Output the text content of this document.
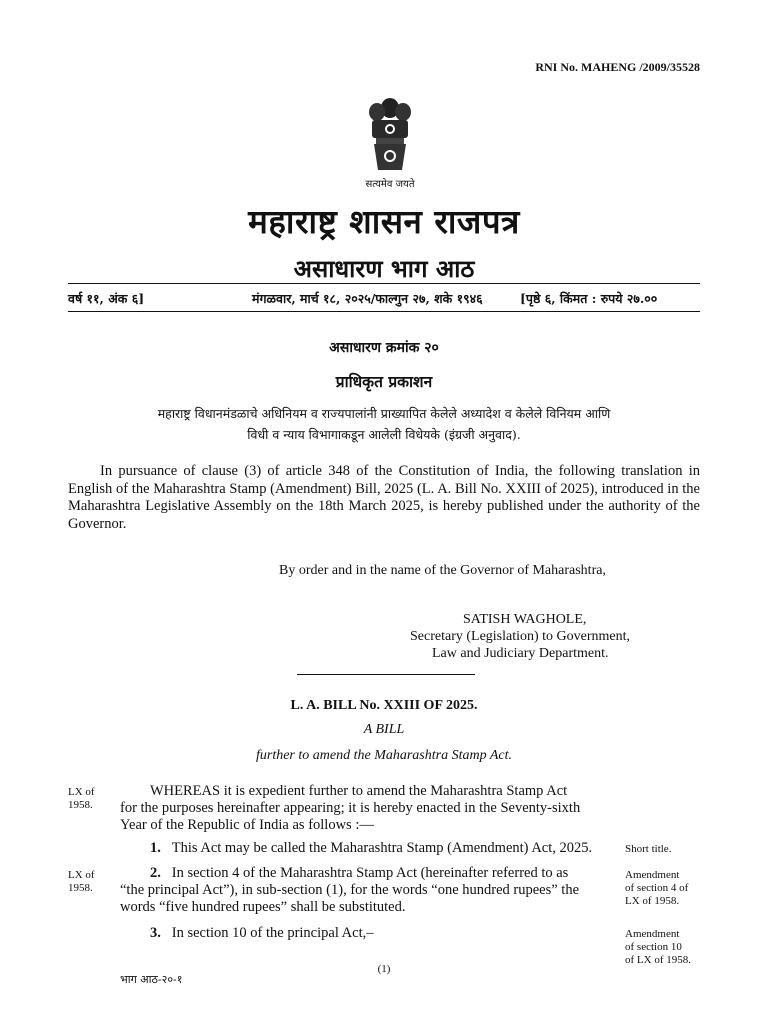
RNI No. MAHENG /2009/35528
सत्यमेव जयते
महाराष्ट्र शासन राजपत्र
असाधारण भाग आठ
वर्ष ११, अंक ६]	मंगळवार, मार्च १८, २०२५/फाल्गुन २७, शके १९४६	[पृष्ठे ६, किंमत : रुपये २७.००
असाधारण क्रमांक २०
प्राधिकृत प्रकाशन
महाराष्ट्र विधानमंडळाचे अधिनियम व राज्यपालांनी प्राख्यापित केलेले अध्यादेश व केलेले विनियम आणि
विधी व न्याय विभागाकडून आलेली विधेयके (इंग्रजी अनुवाद).
In pursuance of clause (3) of article 348 of the Constitution of India, the following translation in English of the Maharashtra Stamp (Amendment) Bill, 2025 (L. A. Bill No. XXIII of 2025), introduced in the Maharashtra Legislative Assembly on the 18th March 2025, is hereby published under the authority of the Governor.
By order and in the name of the Governor of Maharashtra,
SATISH WAGHOLE,
Secretary (Legislation) to Government,
Law and Judiciary Department.
L. A. BILL No. XXIII OF 2025.
A BILL
further to amend the Maharashtra Stamp Act.
LX of
1958.
WHEREAS it is expedient further to amend the Maharashtra Stamp Act
for the purposes hereinafter appearing; it is hereby enacted in the Seventy-sixth
Year of the Republic of India as follows :—
1. This Act may be called the Maharashtra Stamp (Amendment) Act, 2025.	Short title.
LX of
1958.
2. In section 4 of the Maharashtra Stamp Act (hereinafter referred to as
“the principal Act”), in sub-section (1), for the words “one hundred rupees” the
words “five hundred rupees” shall be substituted.
Amendment
of section 4 of
LX of 1958.
3. In section 10 of the principal Act,–	Amendment
of section 10
of LX of 1958.
(1)
भाग आठ-२०-१
